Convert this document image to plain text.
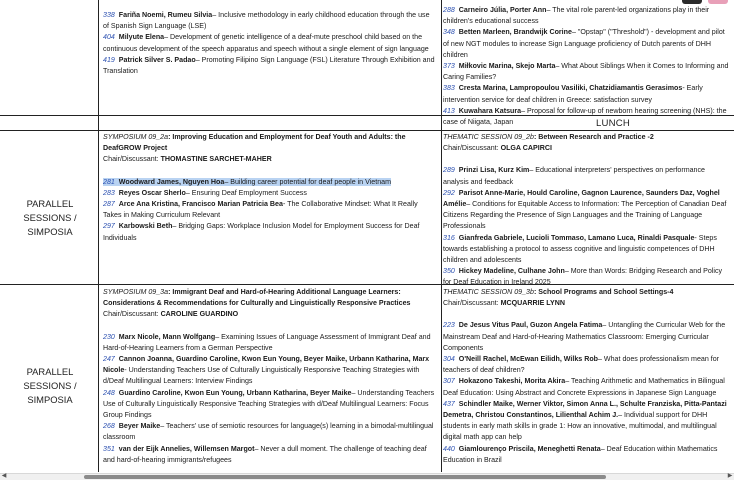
338 Fariña Noemi, Rumeu Silvia– Inclusive methodology in early childhood education through the use of Spanish Sign Language (LSE)

404 Milyute Elena– Development of genetic intelligence of a deaf-mute preschool child based on the continuous development of the speech apparatus and speech without a single element of sign language

419 Patrick Silver S. Padao– Promoting Filipino Sign Language (FSL) Literature Through Exhibition and Translation

288 Carneiro Júlia, Porter Ann– The vital role parent-led organizations play in their children's educational success

348 Betten Marleen, Brandwijk Corine– "Opstap" ("Threshold") - development and pilot of new NGT modules to increase Sign Language proficiency of Dutch parents of DHH children

373 Miłkovic Marina, Skejo Marta– What About Siblings When it Comes to Informing and Caring Families?

383 Cresta Marina, Lampropoulou Vasiliki, Chatzidiamantis Gerasimos- Early intervention service for deaf children in Greece: satisfaction survey

413 Kuwahara Katsura– Proposal for follow-up of newborn hearing screening (NHS): the case of Niigata, Japan	LUNCH
PARALLEL SESSIONS / SIMPOSIA

SYMPOSIUM 09_2a: Improving Education and Employment for Deaf Youth and Adults: the DeafGROW Project

Chair/Discussant: THOMASTINE SARCHET-MAHER

281 Woodward James, Nguyen Hoa– Building career potential for deaf people in Vietnam

283 Reyes Oscar Sherlo– Ensuring Deaf Employment Success

287 Arce Ana Kristina, Francisco Marian Patricia Bea- The Collaborative Mindset: What It Really Takes in Making Curriculum Relevant

297 Karbowski Beth– Bridging Gaps: Workplace Inclusion Model for Employment Success for Deaf Individuals

THEMATIC SESSION 09_2b: Between Research and Practice -2

Chair/Discussant: OLGA CAPIRCI

289 Prinzi Lisa, Kurz Kim– Educational interpreters' perspectives on performance analysis and feedback

292 Parisot Anne-Marie, Hould Caroline, Gagnon Laurence, Saunders Daz, Voghel Amélie– Conditions for Equitable Access to Information: The Perception of Canadian Deaf Citizens Regarding the Presence of Sign Languages and the Training of Language Professionals

316 Gianfreda Gabriele, Lucioli Tommaso, Lamano Luca, Rinaldi Pasquale- Steps towards establishing a protocol to assess cognitive and linguistic competences of DHH children and adolescents

350 Hickey Madeline, Culhane John– More than Words: Bridging Research and Policy for Deaf Education in Ireland 2025

PARALLEL SESSIONS / SIMPOSIA

SYMPOSIUM 09_3a: Immigrant Deaf and Hard-of-Hearing Additional Language Learners: Considerations & Recommendations for Culturally and Linguistically Responsive Practices

Chair/Discussant: CAROLINE GUARDINO

230 Marx Nicole, Mann Wolfgang– Examining Issues of Language Assessment of Immigrant Deaf and Hard-of-Hearing Learners from a German Perspective

247 Cannon Joanna, Guardino Caroline, Kwon Eun Young, Beyer Maike, Urbann Katharina, Marx Nicole- Understanding Teachers Use of Culturally Linguistically Responsive Teaching Strategies with d/Deaf Multilingual Learners: Interview Findings

248 Guardino Caroline, Kwon Eun Young, Urbann Katharina, Beyer Maike– Understanding Teachers Use of Culturally Linguistically Responsive Teaching Strategies with d/Deaf Multilingual Learners: Focus Group Findings

268 Beyer Maike– Teachers' use of semiotic resources for language(s) learning in a bimodal-multilingual classroom

351 van der Eijk Annelies, Willemsen Margot– Never a dull moment. The challenge of teaching deaf and hard-of-hearing immigrants/refugees

THEMATIC SESSION 09_3b: School Programs and School Settings-4

Chair/Discussant: MCQUARRIE LYNN

223 De Jesus Vitus Paul, Guzon Angela Fatima– Untangling the Curricular Web for the Mainstream Deaf and Hard-of-Hearing Mathematics Classroom: Emerging Curricular Components

304 O'Neill Rachel, McEwan Eilidh, Wilks Rob– What does professionalism mean for teachers of deaf children?

307 Hokazono Takeshi, Morita Akira– Teaching Arithmetic and Mathematics in Bilingual Deaf Education: Using Abstract and Concrete Expressions in Japanese Sign Language

437 Schindler Maike, Werner Viktor, Simon Anna L., Schulte Franziska, Pitta-Pantazi Demetra, Christou Constantinos, Lilienthal Achim J.– Individual support for DHH students in early math skills in grade 1: How an innovative, multimodal, and multilingual digital math app can help

440 Giamlourenço Priscila, Meneghetti Renata– Deaf Education within Mathematics Education in Brazil

◀	▶
